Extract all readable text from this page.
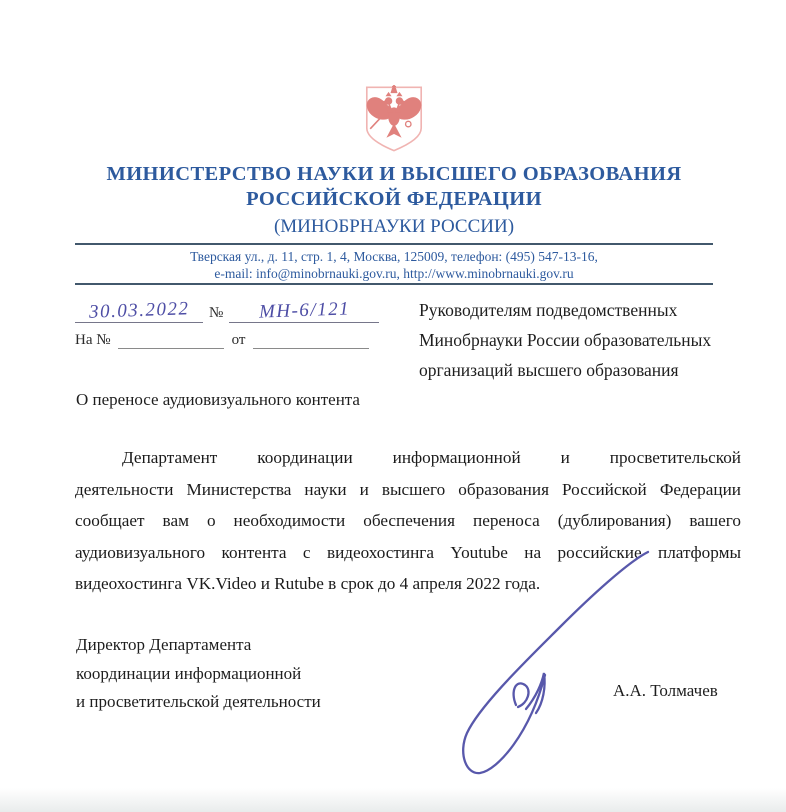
МИНИСТЕРСТВО НАУКИ И ВЫСШЕГО ОБРАЗОВАНИЯ
РОССИЙСКОЙ ФЕДЕРАЦИИ
(МИНОБРНАУКИ РОССИИ)
Тверская ул., д. 11, стр. 1, 4, Москва, 125009, телефон: (495) 547-13-16,
e-mail: info@minobrnauki.gov.ru, http://www.minobrnauki.gov.ru
30.03.2022	№	МН-6/121
На №	от
Руководителям подведомственных
Минобрнауки России образовательных
организаций высшего образования
О переносе аудиовизуального контента
Департамент координации информационной и просветительской
деятельности Министерства науки и высшего образования Российской Федерации
сообщает вам о необходимости обеспечения переноса (дублирования) вашего
аудиовизуального контента с видеохостинга Youtube на российские платформы
видеохостинга VK.Video и Rutube в срок до 4 апреля 2022 года.
Директор Департамента
координации информационной
и просветительской деятельности
А.А. Толмачев
